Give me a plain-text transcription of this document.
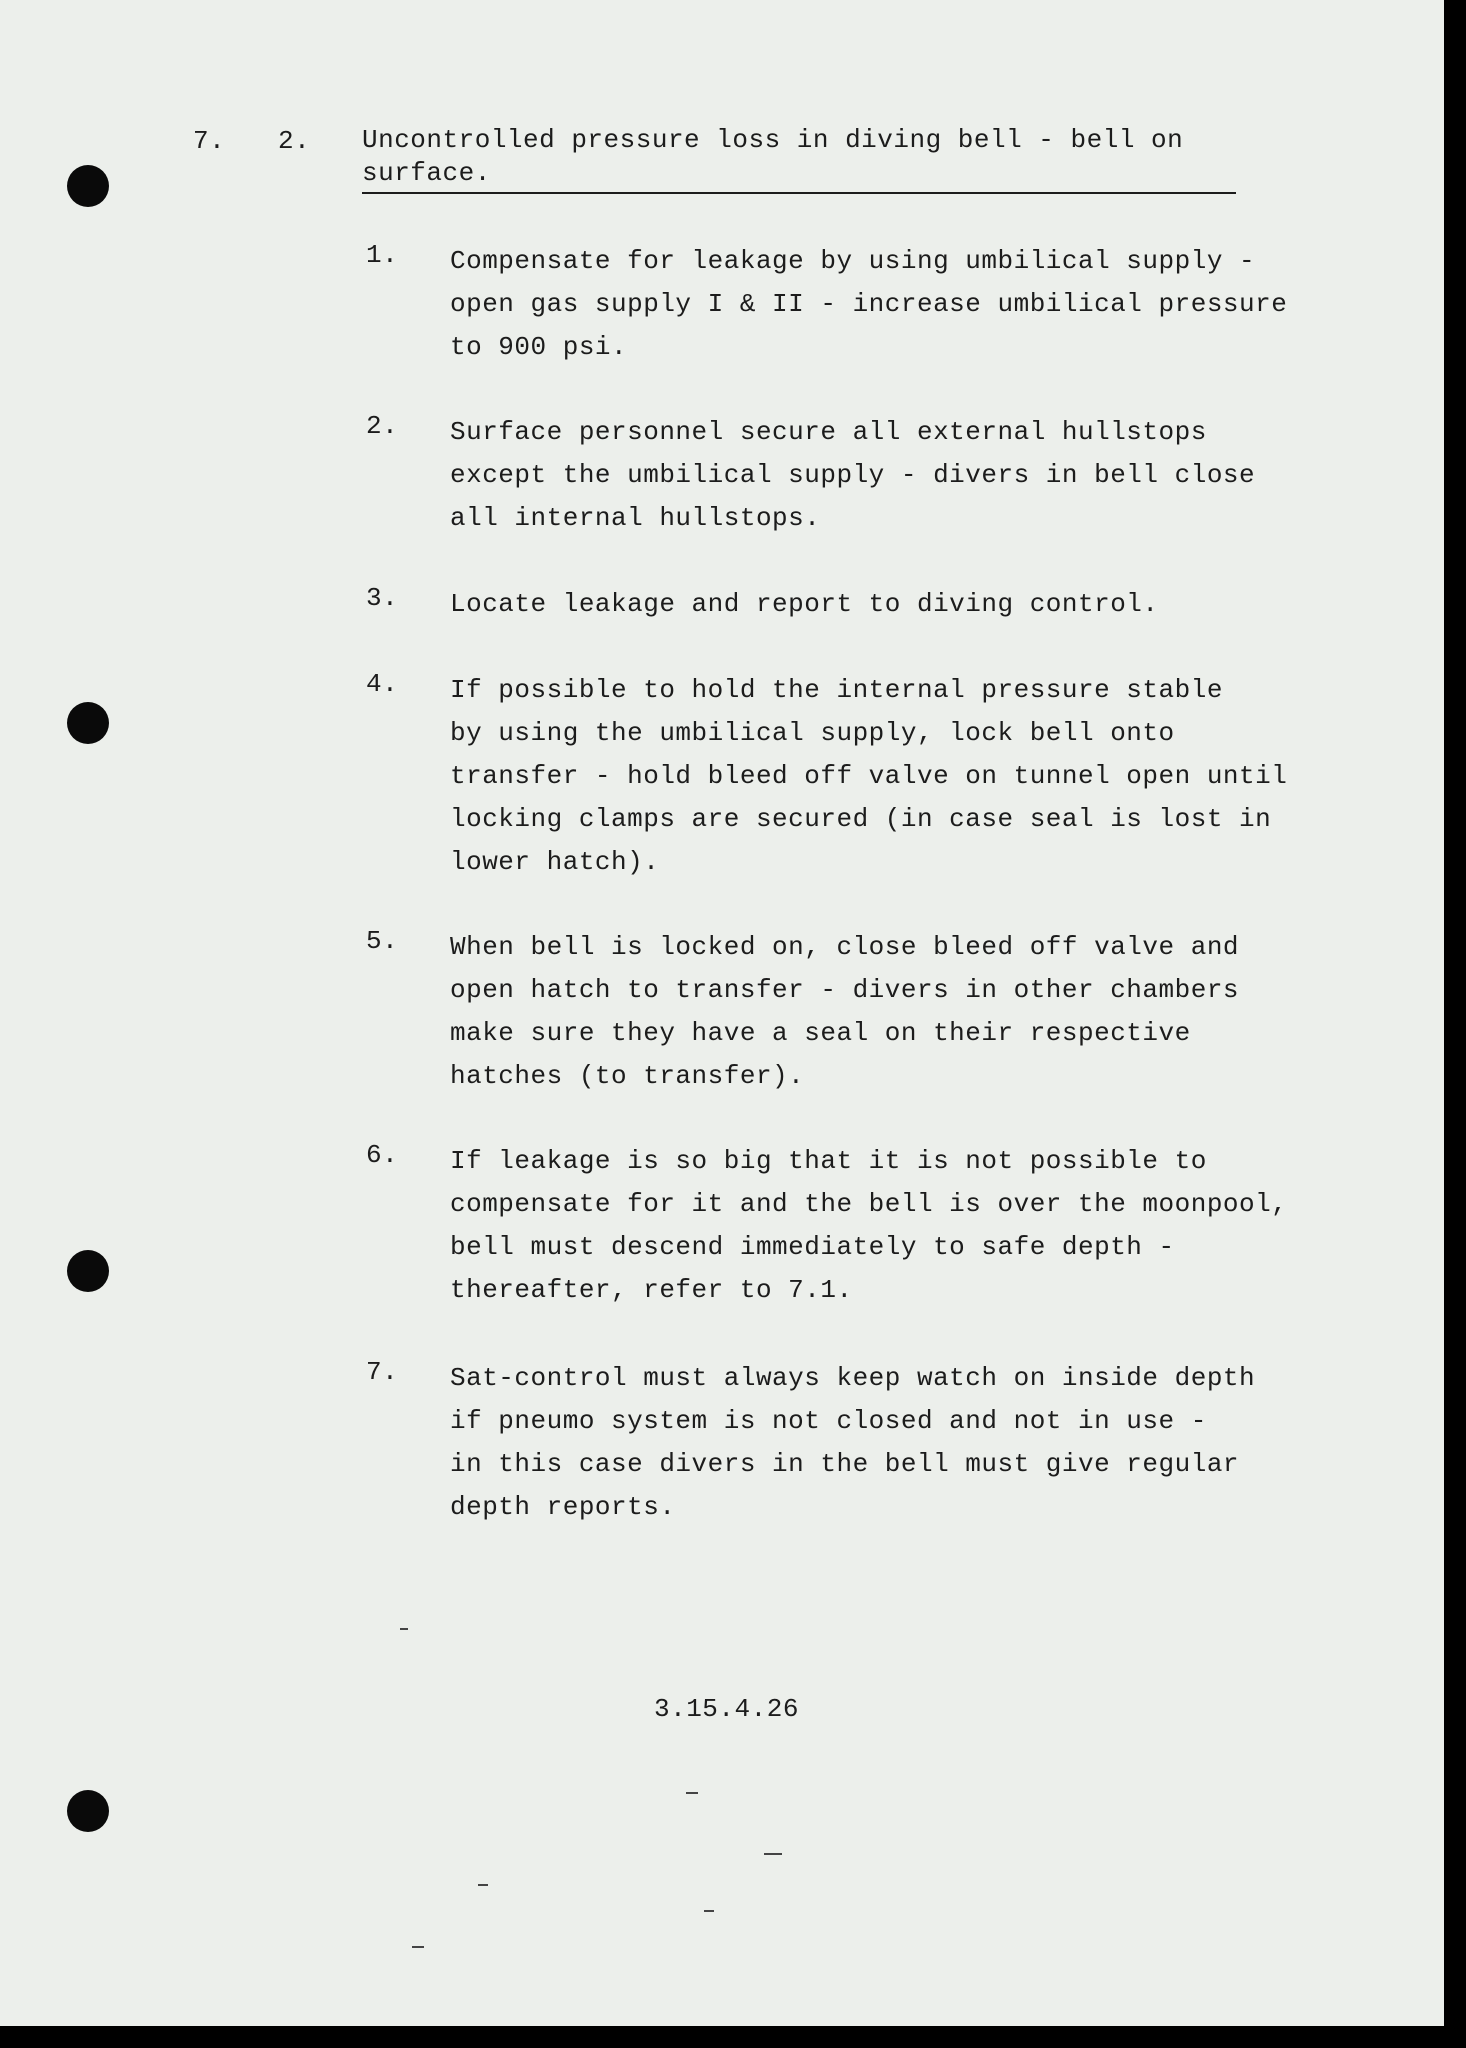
7. 2. Uncontrolled pressure loss in diving bell - bell on
surface.
1. Compensate for leakage by using umbilical supply -
open gas supply I & II - increase umbilical pressure
to 900 psi.
2. Surface personnel secure all external hullstops
except the umbilical supply - divers in bell close
all internal hullstops.
3. Locate leakage and report to diving control.
4. If possible to hold the internal pressure stable
by using the umbilical supply, lock bell onto
transfer - hold bleed off valve on tunnel open until
locking clamps are secured (in case seal is lost in
lower hatch).
5. When bell is locked on, close bleed off valve and
open hatch to transfer - divers in other chambers
make sure they have a seal on their respective
hatches (to transfer).
6. If leakage is so big that it is not possible to
compensate for it and the bell is over the moonpool,
bell must descend immediately to safe depth -
thereafter, refer to 7.1.
7. Sat-control must always keep watch on inside depth
if pneumo system is not closed and not in use -
in this case divers in the bell must give regular
depth reports.
3.15.4.26
